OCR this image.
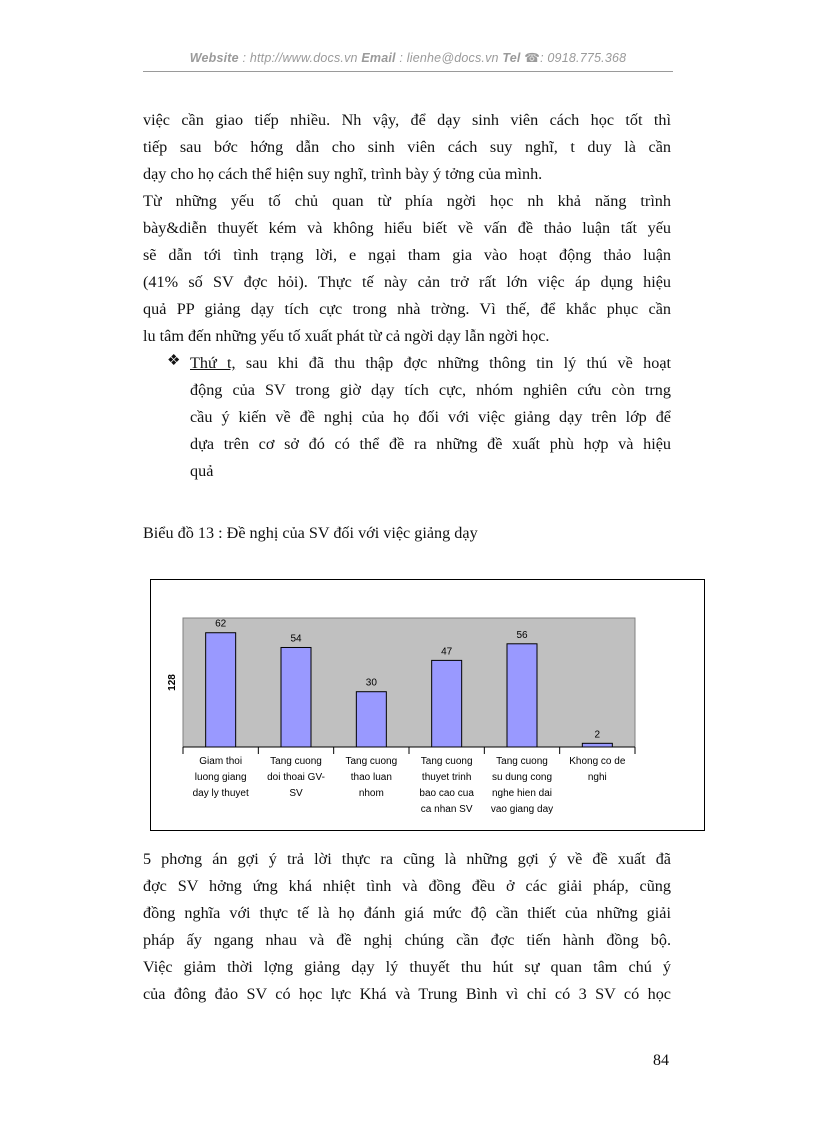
Website : http://www.docs.vn Email : lienhe@docs.vn Tel ☎: 0918.775.368

việc cần giao tiếp nhiều. Nh vậy, để dạy sinh viên cách học tốt thì

tiếp sau bớc hớng dẫn cho sinh viên cách suy nghĩ, t duy là cần

dạy cho họ cách thể hiện suy nghĩ, trình bày ý tởng của mình.

Từ những yếu tố chủ quan từ phía ngời học nh khả năng trình

bày&diễn thuyết kém và không hiểu biết về vấn đề thảo luận tất yếu

sẽ dẫn tới tình trạng lời, e ngại tham gia vào hoạt động thảo luận

(41% số SV đợc hỏi). Thực tế này cản trở rất lớn việc áp dụng hiệu

quả PP giảng dạy tích cực trong nhà trờng. Vì thế, để khắc phục cần

lu tâm đến những yếu tố xuất phát từ cả ngời dạy lẫn ngời học.

❖ Thứ t, sau khi đã thu thập đợc những thông tin lý thú về hoạt

động của SV trong giờ dạy tích cực, nhóm nghiên cứu còn trng

cầu ý kiến về đề nghị của họ đối với việc giảng dạy trên lớp để

dựa trên cơ sở đó có thể đề ra những đề xuất phù hợp và hiệu

quả

Biểu đồ 13 : Đề nghị của SV đối với việc giảng dạy
62
Giam thoi
luong giang
day ly thuyet
54
Tang cuong
doi thoai GV-
SV
30
Tang cuong
thao luan
nhom
47
Tang cuong
thuyet trinh
bao cao cua
ca nhan SV
56
Tang cuong
su dung cong
nghe hien dai
vao giang day
2
Khong co de
nghi
128

5 phơng án gợi ý trả lời thực ra cũng là những gợi ý về đề xuất đã

đợc SV hởng ứng khá nhiệt tình và đồng đều ở các giải pháp, cũng

đồng nghĩa với thực tế là họ đánh giá mức độ cần thiết của những giải

pháp ấy ngang nhau và đề nghị chúng cần đợc tiến hành đồng bộ.

Việc giảm thời lợng giảng dạy lý thuyết thu hút sự quan tâm chú ý

của đông đảo SV có học lực Khá và Trung Bình vì chỉ có 3 SV có học

84
